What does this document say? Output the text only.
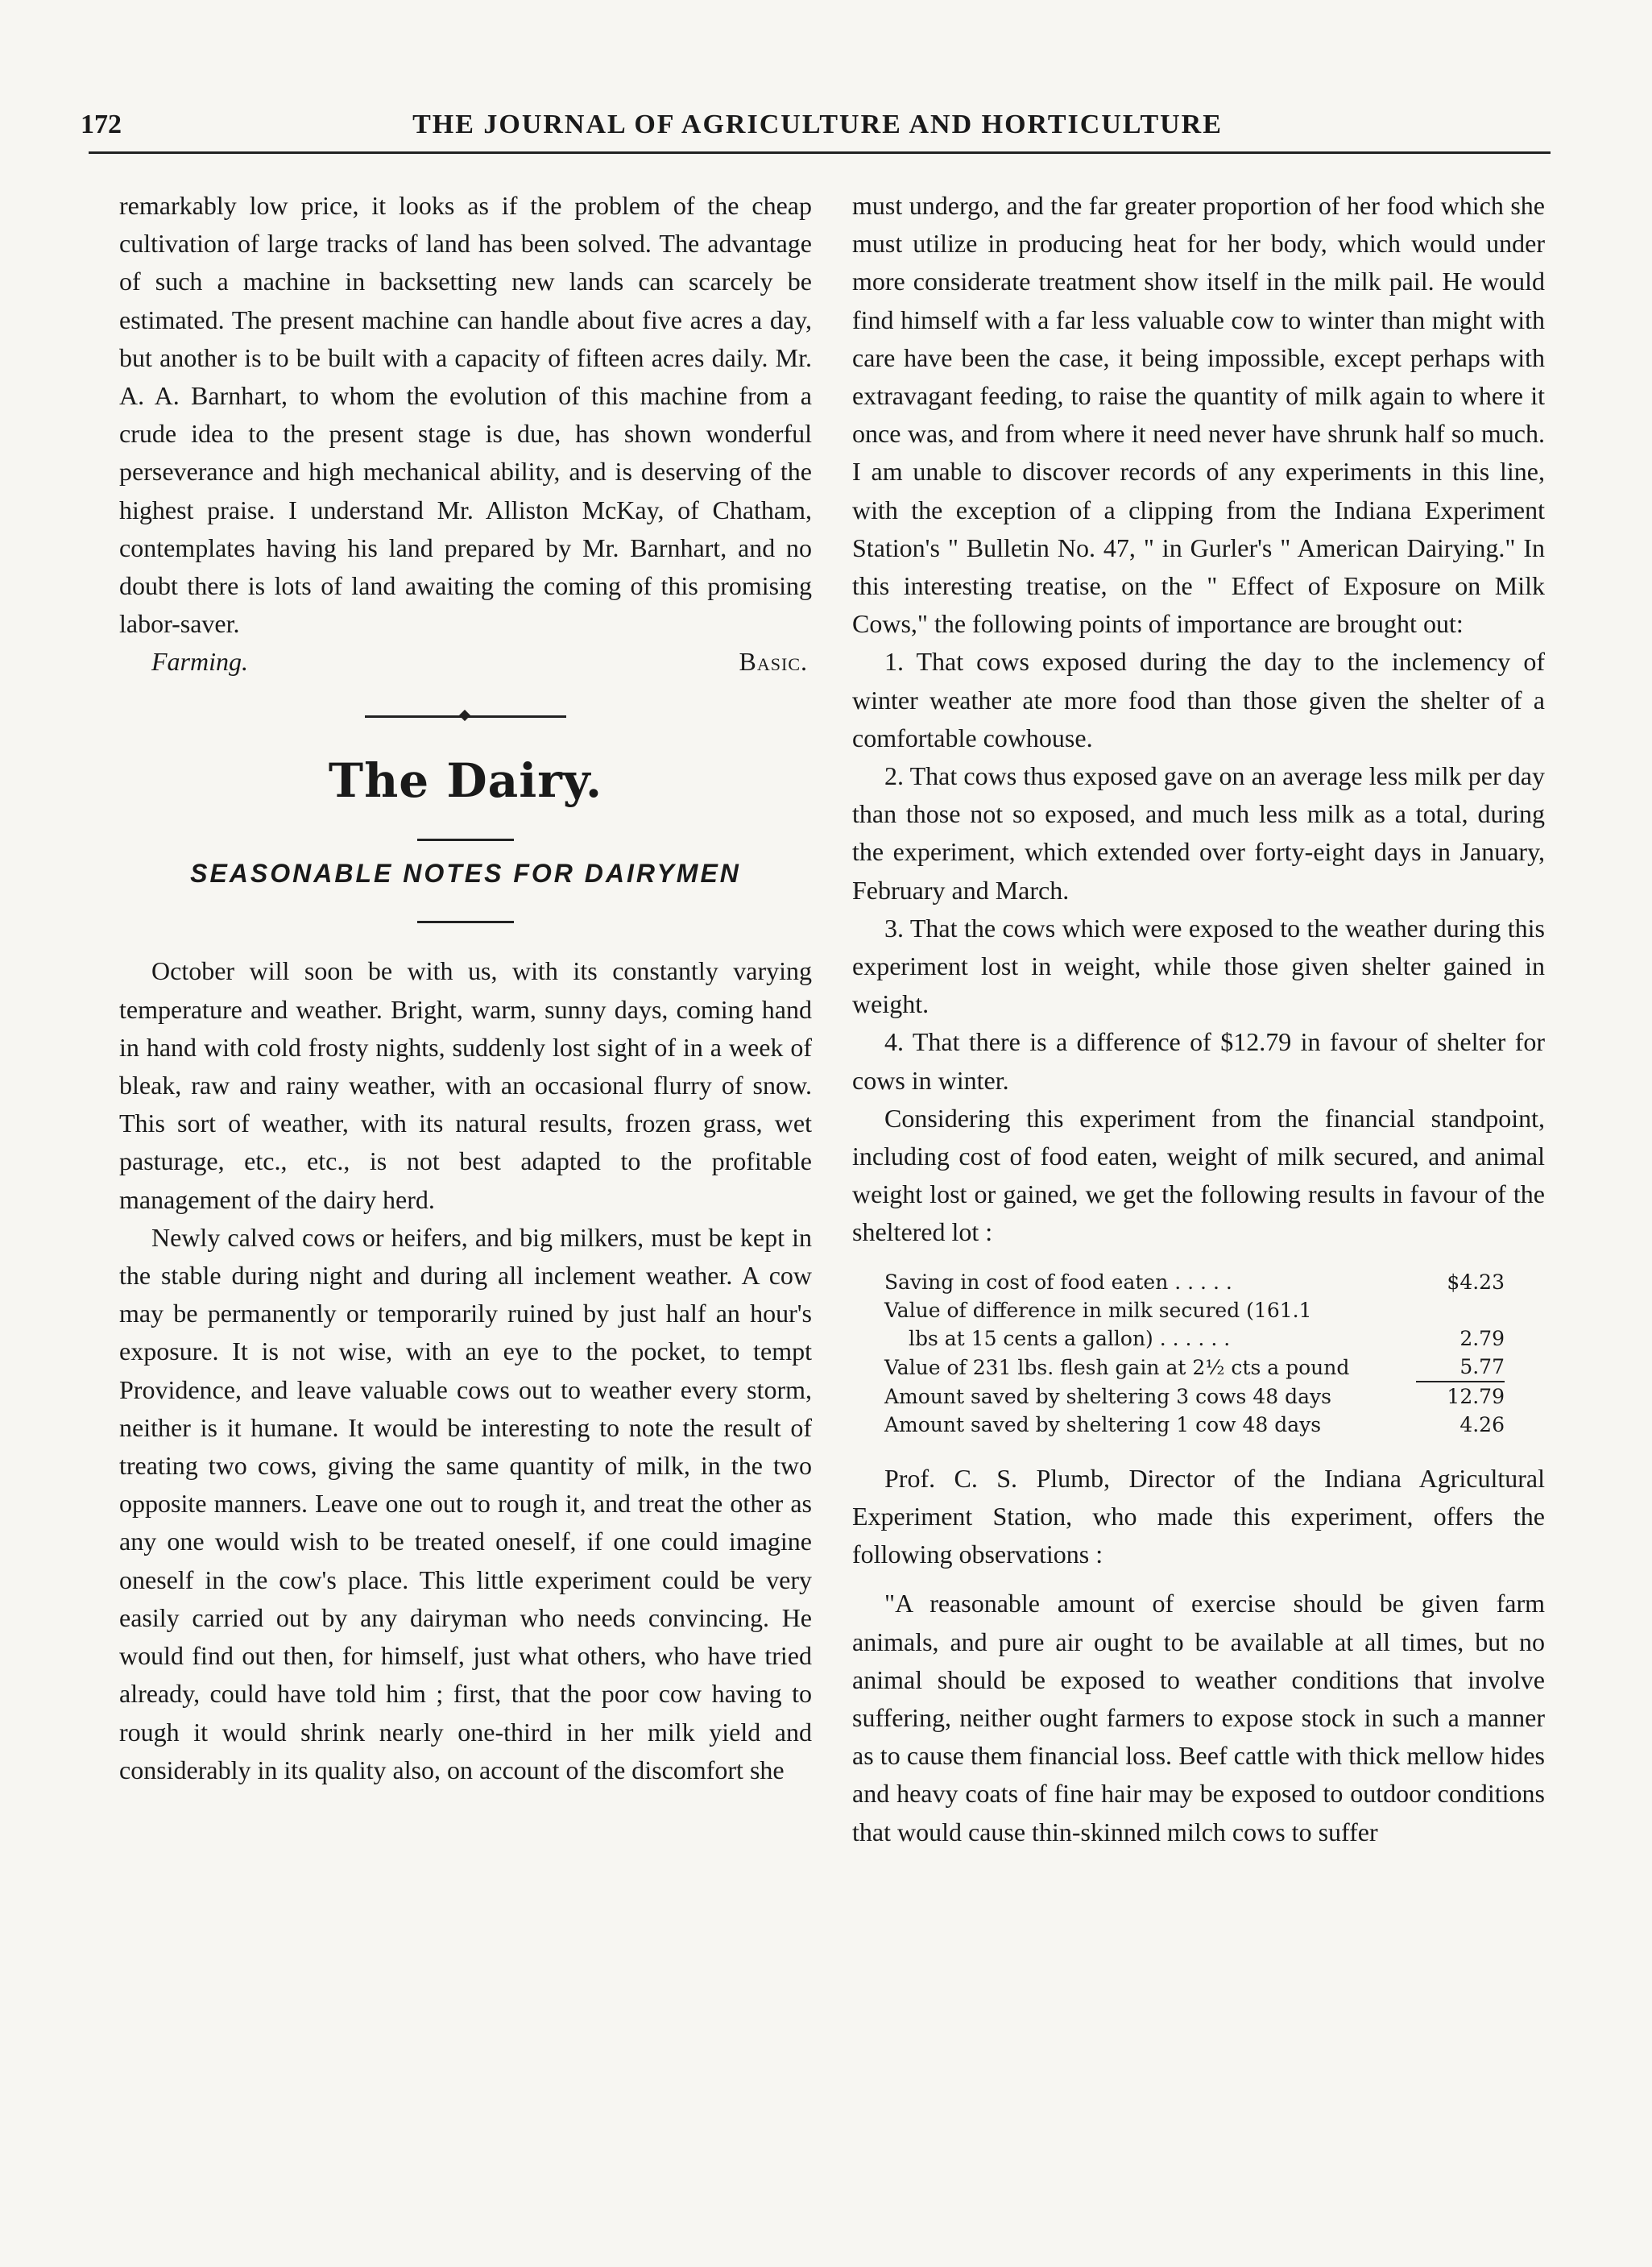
172	THE JOURNAL OF AGRICULTURE AND HORTICULTURE

remarkably low price, it looks as if the problem of the cheap cultivation of large tracks of land has been solved. The advantage of such a machine in backsetting new lands can scarcely be estimated. The present machine can handle about five acres a day, but another is to be built with a capacity of fifteen acres daily. Mr. A. A. Barnhart, to whom the evolution of this machine from a crude idea to the present stage is due, has shown wonderful perseverance and high mechanical ability, and is deserving of the highest praise. I understand Mr. Alliston McKay, of Chatham, contemplates having his land prepared by Mr. Barnhart, and no doubt there is lots of land awaiting the coming of this promising labor-saver.

Farming.	Basic.
The Dairy.
SEASONABLE NOTES FOR DAIRYMEN

October will soon be with us, with its constantly varying temperature and weather. Bright, warm, sunny days, coming hand in hand with cold frosty nights, suddenly lost sight of in a week of bleak, raw and rainy weather, with an occasional flurry of snow. This sort of weather, with its natural results, frozen grass, wet pasturage, etc., etc., is not best adapted to the profitable management of the dairy herd.

Newly calved cows or heifers, and big milkers, must be kept in the stable during night and during all inclement weather. A cow may be permanently or temporarily ruined by just half an hour's exposure. It is not wise, with an eye to the pocket, to tempt Providence, and leave valuable cows out to weather every storm, neither is it humane. It would be interesting to note the result of treating two cows, giving the same quantity of milk, in the two opposite manners. Leave one out to rough it, and treat the other as any one would wish to be treated oneself, if one could imagine oneself in the cow's place. This little experiment could be very easily carried out by any dairyman who needs convincing. He would find out then, for himself, just what others, who have tried already, could have told him ; first, that the poor cow having to rough it would shrink nearly one-third in her milk yield and considerably in its quality also, on account of the discomfort she

must undergo, and the far greater proportion of her food which she must utilize in producing heat for her body, which would under more considerate treatment show itself in the milk pail. He would find himself with a far less valuable cow to winter than might with care have been the case, it being impossible, except perhaps with extravagant feeding, to raise the quantity of milk again to where it once was, and from where it need never have shrunk half so much. I am unable to discover records of any experiments in this line, with the exception of a clipping from the Indiana Experiment Station's " Bulletin No. 47, " in Gurler's " American Dairying." In this interesting treatise, on the " Effect of Exposure on Milk Cows," the following points of importance are brought out:

1. That cows exposed during the day to the inclemency of winter weather ate more food than those given the shelter of a comfortable cowhouse.

2. That cows thus exposed gave on an average less milk per day than those not so exposed, and much less milk as a total, during the experiment, which extended over forty-eight days in January, February and March.

3. That the cows which were exposed to the weather during this experiment lost in weight, while those given shelter gained in weight.

4. That there is a difference of $12.79 in favour of shelter for cows in winter.

Considering this experiment from the financial standpoint, including cost of food eaten, weight of milk secured, and animal weight lost or gained, we get the following results in favour of the sheltered lot :

Saving in cost of food eaten . . . . .	$4.23
Value of difference in milk secured (161.1	
lbs at 15 cents a gallon) . . . . . .	2.79
Value of 231 lbs. flesh gain at 2½ cts a pound	5.77
Amount saved by sheltering 3 cows 48 days	12.79
Amount saved by sheltering 1 cow 48 days	4.26

Prof. C. S. Plumb, Director of the Indiana Agricultural Experiment Station, who made this experiment, offers the following observations :

"A reasonable amount of exercise should be given farm animals, and pure air ought to be available at all times, but no animal should be exposed to weather conditions that involve suffering, neither ought farmers to expose stock in such a manner as to cause them financial loss. Beef cattle with thick mellow hides and heavy coats of fine hair may be exposed to outdoor conditions that would cause thin-skinned milch cows to suffer
